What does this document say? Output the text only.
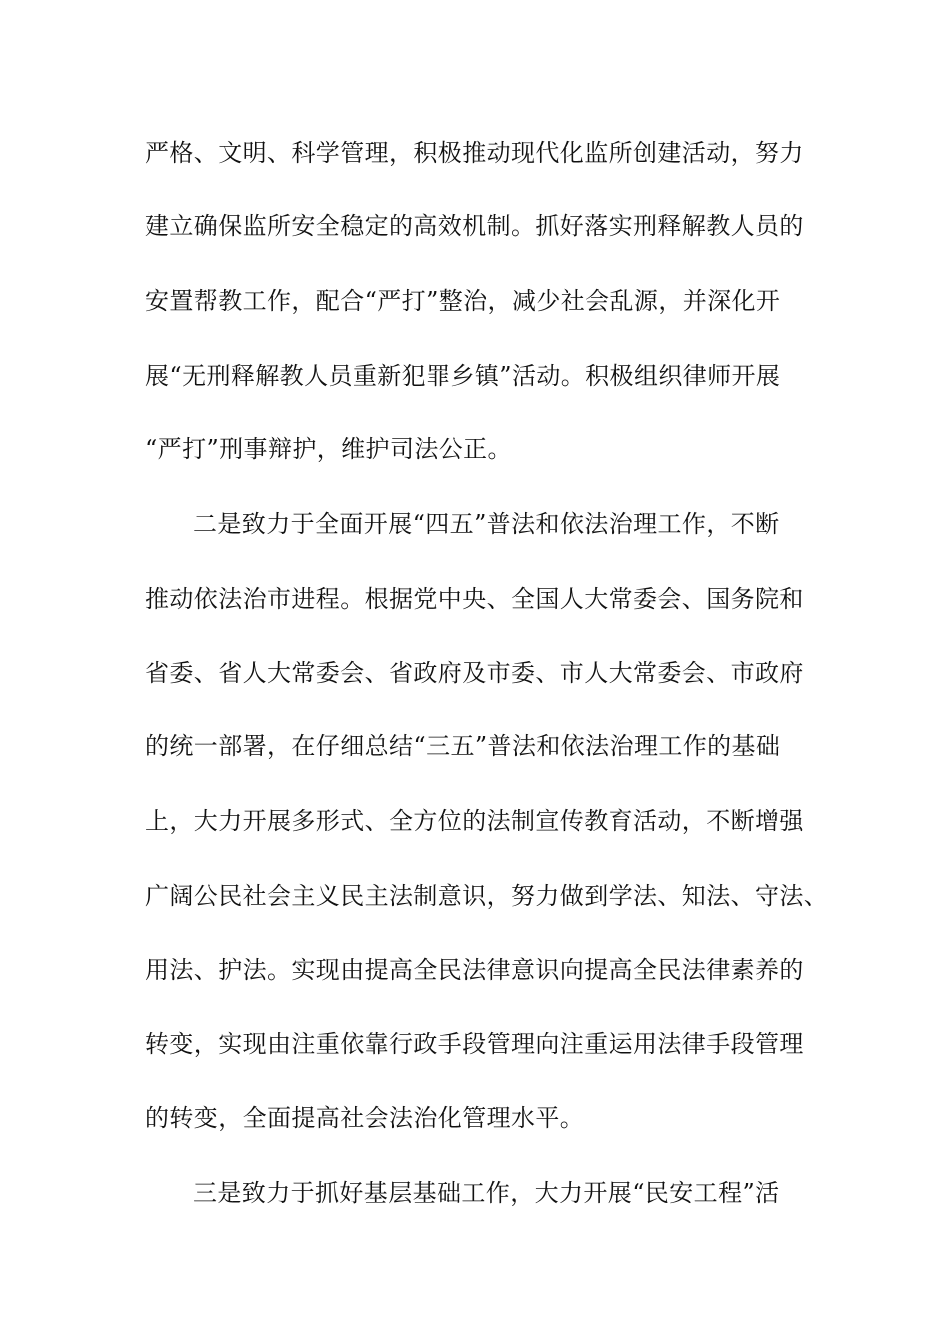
严格、文明、科学管理，积极推动现代化监所创建活动，努力
建立确保监所安全稳定的高效机制。抓好落实刑释解教人员的
安置帮教工作，配合“严打”整治，减少社会乱源，并深化开
展“无刑释解教人员重新犯罪乡镇”活动。积极组织律师开展
“严打”刑事辩护，维护司法公正。
二是致力于全面开展“四五”普法和依法治理工作，不断
推动依法治市进程。根据党中央、全国人大常委会、国务院和
省委、省人大常委会、省政府及市委、市人大常委会、市政府
的统一部署，在仔细总结“三五”普法和依法治理工作的基础
上，大力开展多形式、全方位的法制宣传教育活动，不断增强
广阔公民社会主义民主法制意识，努力做到学法、知法、守法、
用法、护法。实现由提高全民法律意识向提高全民法律素养的
转变，实现由注重依靠行政手段管理向注重运用法律手段管理
的转变，全面提高社会法治化管理水平。
三是致力于抓好基层基础工作，大力开展“民安工程”活
